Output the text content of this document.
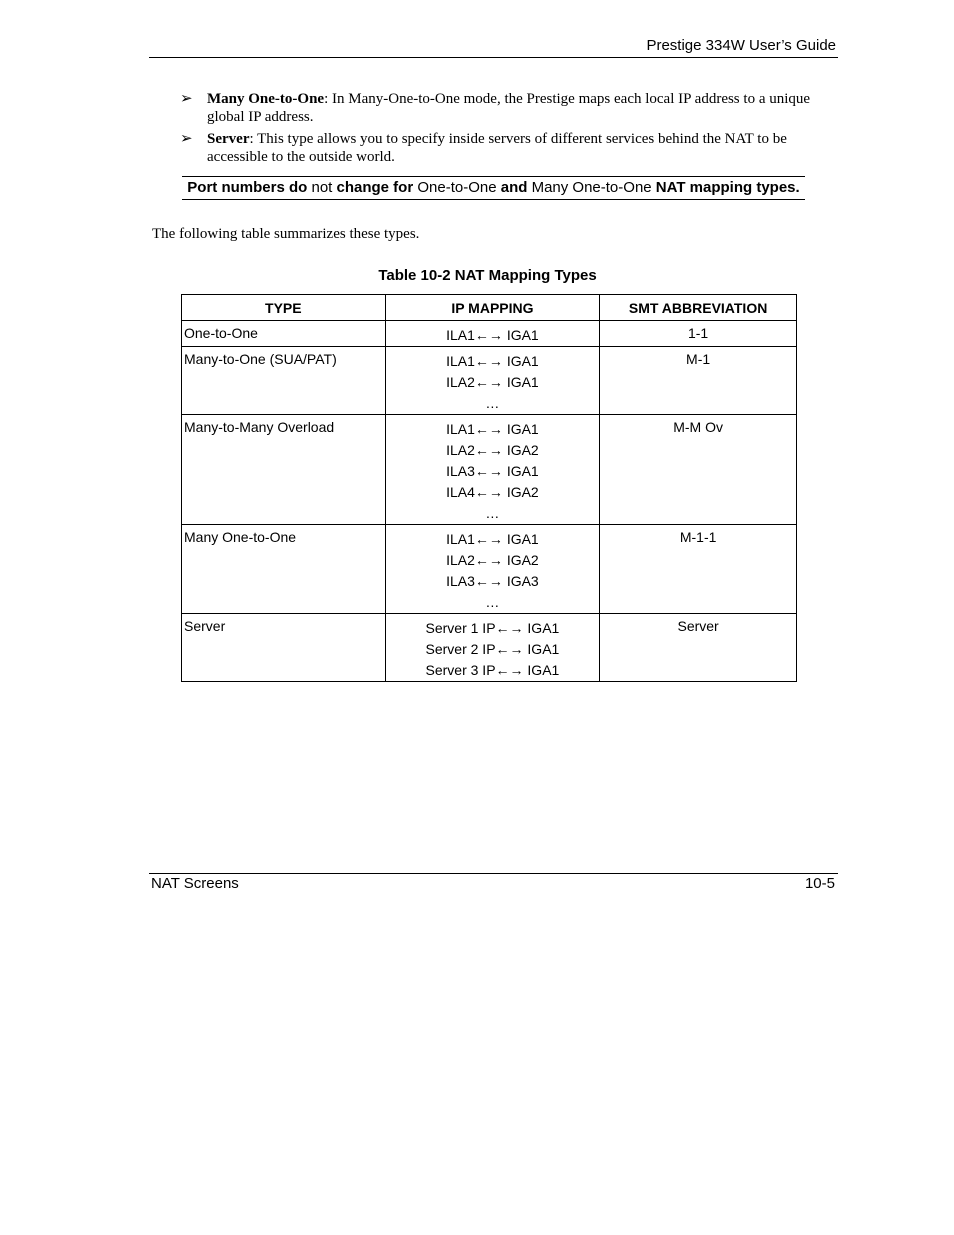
Prestige 334W User’s Guide
➢ Many One-to-One: In Many-One-to-One mode, the Prestige maps each local IP address to a unique global IP address.
➢ Server: This type allows you to specify inside servers of different services behind the NAT to be accessible to the outside world.
Port numbers do not change for One-to-One and Many One-to-One NAT mapping types.
The following table summarizes these types.
Table 10-2 NAT Mapping Types
TYPE	IP MAPPING	SMT ABBREVIATION
One-to-One	ILA1←→ IGA1	1-1
Many-to-One (SUA/PAT)	ILA1←→ IGA1
ILA2←→ IGA1
…	M-1
Many-to-Many Overload	ILA1←→ IGA1
ILA2←→ IGA2
ILA3←→ IGA1
ILA4←→ IGA2
…	M-M Ov
Many One-to-One	ILA1←→ IGA1
ILA2←→ IGA2
ILA3←→ IGA3
…	M-1-1
Server	Server 1 IP←→ IGA1
Server 2 IP←→ IGA1
Server 3 IP←→ IGA1	Server
NAT Screens	10-5
